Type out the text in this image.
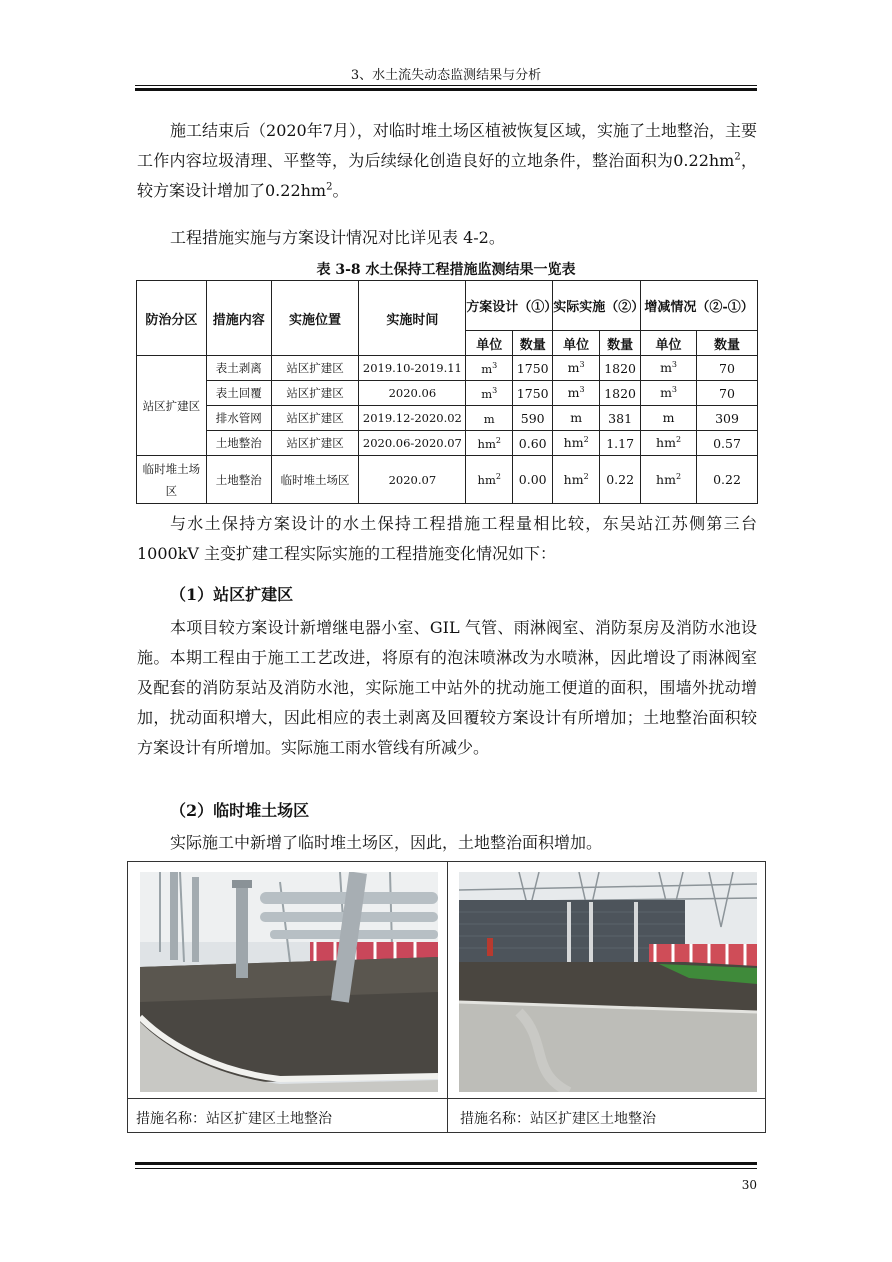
3、水土流失动态监测结果与分析

施工结束后（2020年7月），对临时堆土场区植被恢复区域，实施了土地整治，主要工作内容垃圾清理、平整等，为后续绿化创造良好的立地条件，整治面积为$0.22hm^2$，较方案设计增加了$0.22hm^2$。

工程措施实施与方案设计情况对比详见表 4-2。

表 3-8 水土保持工程措施监测结果一览表
防治分区	措施内容	实施位置	实施时间	方案设计（①）		实际实施（②）		增减情况（②-①）	
				单位	数量	单位	数量	单位	数量
站区扩建区	表土剥离	站区扩建区	2019.10-2019.11	$m^3$	1750	$m^3$	1820	$m^3$	70
	表土回覆	站区扩建区	2020.06	$m^3$	1750	$m^3$	1820	$m^3$	70
	排水管网	站区扩建区	2019.12-2020.02	m	590	m	381	m	309
	土地整治	站区扩建区	2020.06-2020.07	$hm^2$	0.60	$hm^2$	1.17	$hm^2$	0.57
临时堆土场区	土地整治	临时堆土场区	2020.07	$hm^2$	0.00	$hm^2$	0.22	$hm^2$	0.22

与水土保持方案设计的水土保持工程措施工程量相比较，东吴站江苏侧第三台 1000kV 主变扩建工程实际实施的工程措施变化情况如下：

（1）站区扩建区

本项目较方案设计新增继电器小室、GIL 气管、雨淋阀室、消防泵房及消防水池设施。本期工程由于施工工艺改进，将原有的泡沫喷淋改为水喷淋，因此增设了雨淋阀室及配套的消防泵站及消防水池，实际施工中站外的扰动施工便道的面积，围墙外扰动增加，扰动面积增大，因此相应的表土剥离及回覆较方案设计有所增加；土地整治面积较方案设计有所增加。实际施工雨水管线有所减少。

（2）临时堆土场区

实际施工中新增了临时堆土场区，因此，土地整治面积增加。

措施名称：站区扩建区土地整治	措施名称：站区扩建区土地整治
30
